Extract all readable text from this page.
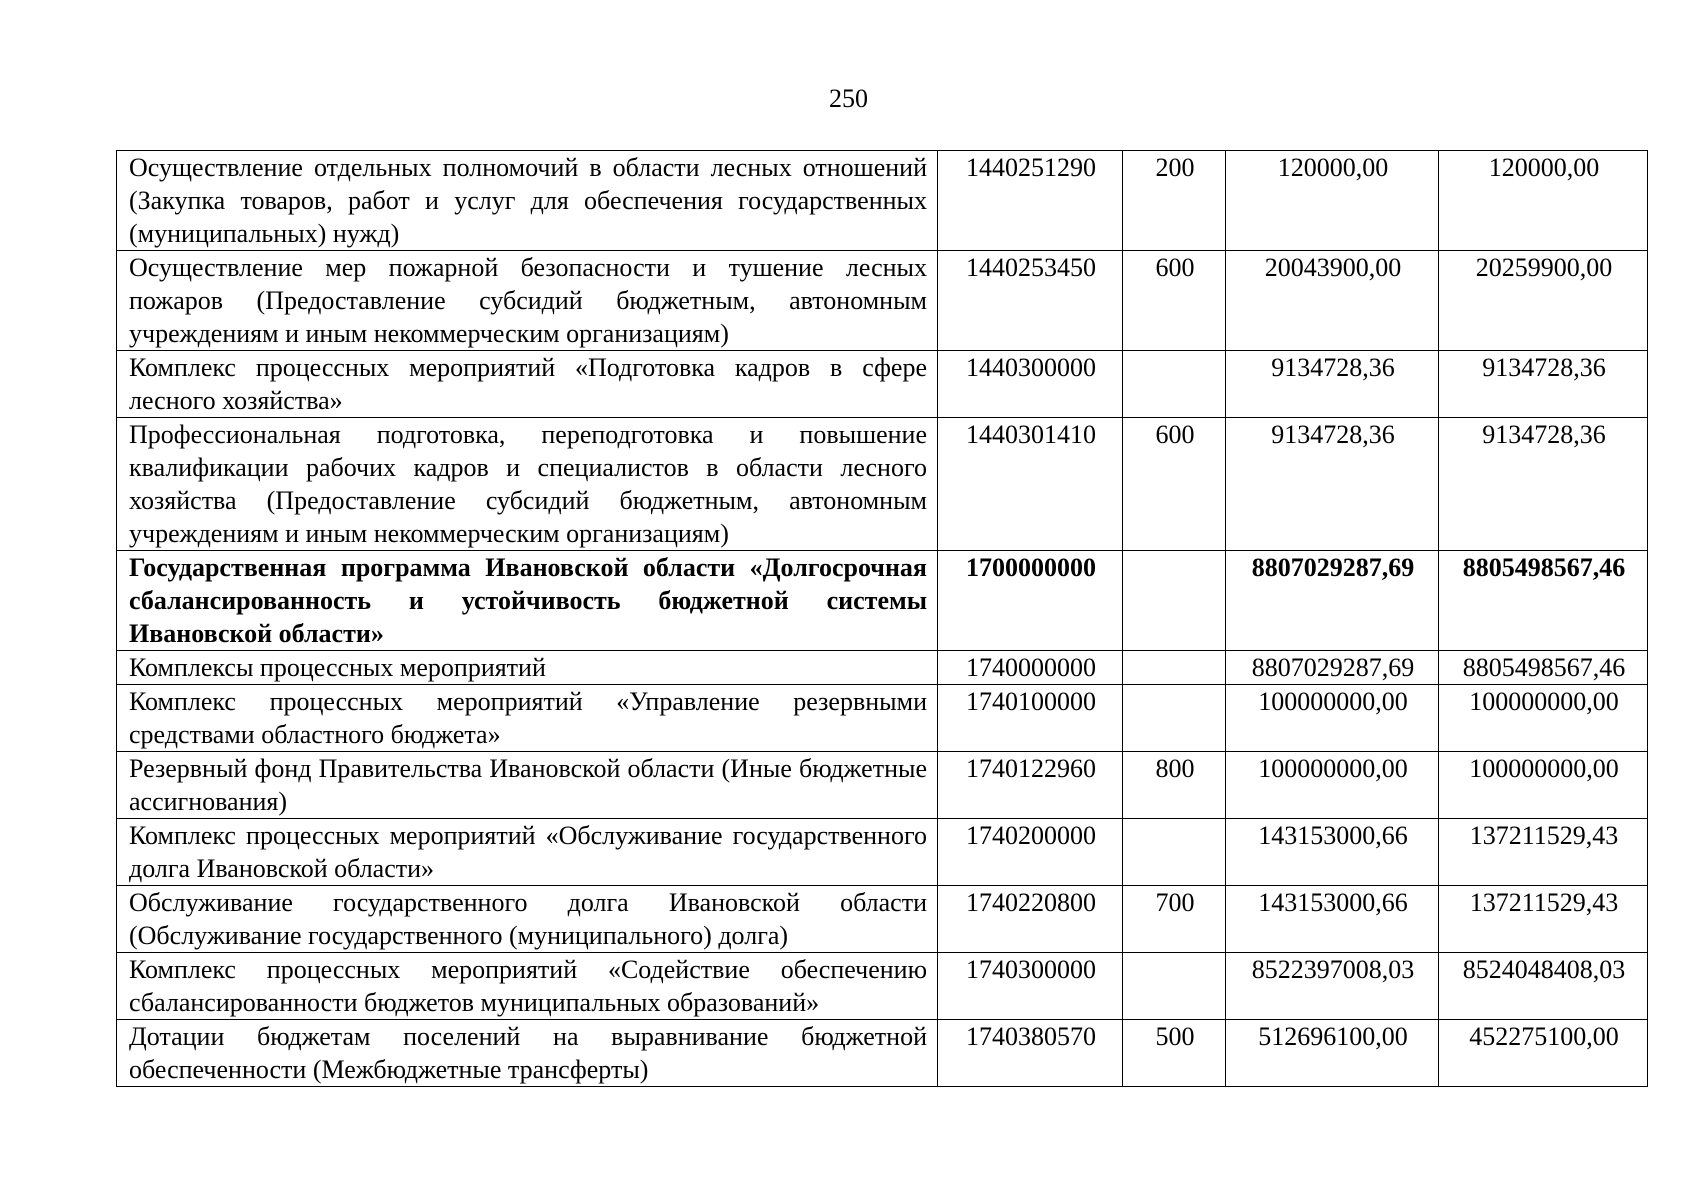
250
Осуществление отдельных полномочий в области лесных отношений (Закупка товаров, работ и услуг для обеспечения государственных (муниципальных) нужд)	1440251290	200	120000,00	120000,00
Осуществление мер пожарной безопасности и тушение лесных пожаров (Предоставление субсидий бюджетным, автономным учреждениям и иным некоммерческим организациям)	1440253450	600	20043900,00	20259900,00
Комплекс процессных мероприятий «Подготовка кадров в сфере лесного хозяйства»	1440300000		9134728,36	9134728,36
Профессиональная подготовка, переподготовка и повышение квалификации рабочих кадров и специалистов в области лесного хозяйства (Предоставление субсидий бюджетным, автономным учреждениям и иным некоммерческим организациям)	1440301410	600	9134728,36	9134728,36
Государственная программа Ивановской области «Долгосрочная сбалансированность и устойчивость бюджетной системы Ивановской области»	1700000000		8807029287,69	8805498567,46
Комплексы процессных мероприятий	1740000000		8807029287,69	8805498567,46
Комплекс процессных мероприятий «Управление резервными средствами областного бюджета»	1740100000		100000000,00	100000000,00
Резервный фонд Правительства Ивановской области (Иные бюджетные ассигнования)	1740122960	800	100000000,00	100000000,00
Комплекс процессных мероприятий «Обслуживание государственного долга Ивановской области»	1740200000		143153000,66	137211529,43
Обслуживание государственного долга Ивановской области (Обслуживание государственного (муниципального) долга)	1740220800	700	143153000,66	137211529,43
Комплекс процессных мероприятий «Содействие обеспечению сбалансированности бюджетов муниципальных образований»	1740300000		8522397008,03	8524048408,03
Дотации бюджетам поселений на выравнивание бюджетной обеспеченности (Межбюджетные трансферты)	1740380570	500	512696100,00	452275100,00
